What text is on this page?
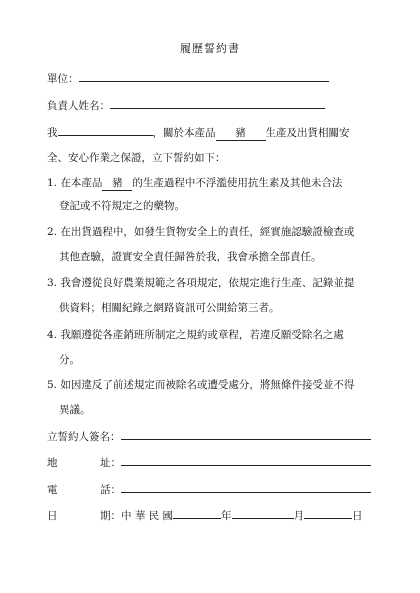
履歷誓約書
單位：
負責人姓名：
我	，關於本產品 豬 生產及出貨相關安
全、安心作業之保證，立下誓約如下：
1. 在本產品 豬 的生產過程中不浮濫使用抗生素及其他未合法
登記或不符規定之的藥物。
2. 在出貨過程中，如發生貨物安全上的責任，經實施認驗證檢查或
其他查驗，證實安全責任歸咎於我，我會承擔全部責任。
3. 我會遵從良好農業規範之各項規定，依規定進行生產、記錄並提
供資料；相關紀錄之網路資訊可公開給第三者。
4. 我願遵從各產銷班所制定之規約或章程，若違反願受除名之處
分。
5. 如因違反了前述規定而被除名或遭受處分，將無條件接受並不得
異議。
立誓約人簽名：
地	址：
電	話：
日	期：中 華 民 國	年	月	日
